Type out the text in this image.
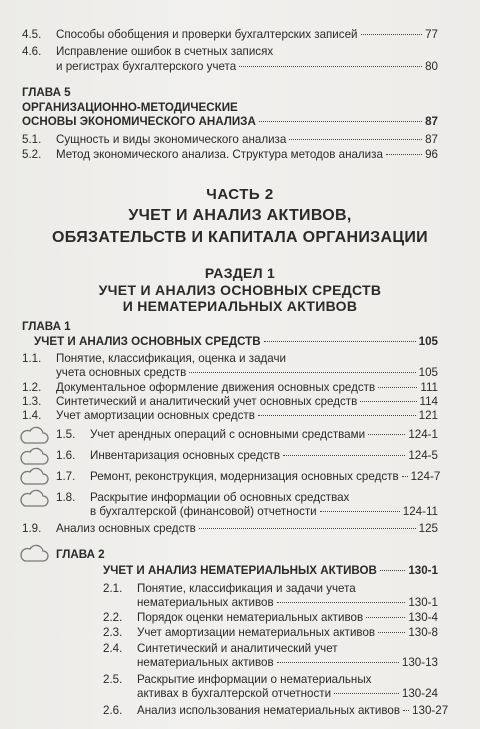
4.5.	Способы обобщения и проверки бухгалтерских записей	77
4.6.	Исправление ошибок в счетных записях
и регистрах бухгалтерского учета	80
ГЛАВА 5
ОРГАНИЗАЦИОННО-МЕТОДИЧЕСКИЕ
ОСНОВЫ ЭКОНОМИЧЕСКОГО АНАЛИЗА	87
5.1.	Сущность и виды экономического анализа	87
5.2.	Метод экономического анализа. Структура методов анализа	96
ЧАСТЬ 2
УЧЕТ И АНАЛИЗ АКТИВОВ,
ОБЯЗАТЕЛЬСТВ И КАПИТАЛА ОРГАНИЗАЦИИ
РАЗДЕЛ 1
УЧЕТ И АНАЛИЗ ОСНОВНЫХ СРЕДСТВ
И НЕМАТЕРИАЛЬНЫХ АКТИВОВ
ГЛАВА 1
УЧЕТ И АНАЛИЗ ОСНОВНЫХ СРЕДСТВ	105
1.1.	Понятие, классификация, оценка и задачи
учета основных средств	105
1.2.	Документальное оформление движения основных средств	111
1.3.	Синтетический и аналитический учет основных средств	114
1.4.	Учет амортизации основных средств	121
1.5.	Учет арендных операций с основными средствами	124-1
1.6.	Инвентаризация основных средств	124-5
1.7.	Ремонт, реконструкция, модернизация основных средств 124-7
1.8.	Раскрытие информации об основных средствах
в бухгалтерской (финансовой) отчетности	124-11
1.9.	Анализ основных средств	125
ГЛАВА 2
УЧЕТ И АНАЛИЗ НЕМАТЕРИАЛЬНЫХ АКТИВОВ	130-1
2.1.	Понятие, классификация и задачи учета
нематериальных активов	130-1
2.2.	Порядок оценки нематериальных активов	130-4
2.3.	Учет амортизации нематериальных активов	130-8
2.4.	Синтетический и аналитический учет
нематериальных активов	130-13
2.5.	Раскрытие информации о нематериальных
активах в бухгалтерской отчетности	130-24
2.6.	Анализ использования нематериальных активов 130-27
